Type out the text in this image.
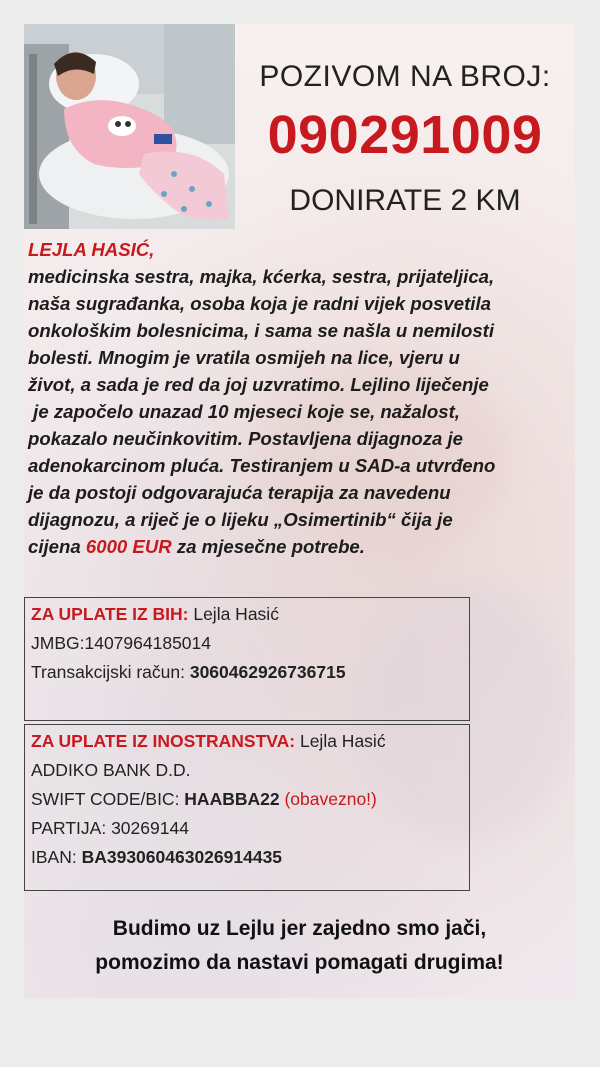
POZIVOM NA BROJ:
090291009
DONIRATE 2 KM
LEJLA HASIĆ,
medicinska sestra, majka, kćerka, sestra, prijateljica,
naša sugrađanka, osoba koja je radni vijek posvetila
onkološkim bolesnicima, i sama se našla u nemilosti
bolesti. Mnogim je vratila osmijeh na lice, vjeru u
život, a sada je red da joj uzvratimo. Lejlino liječenje
je započelo unazad 10 mjeseci koje se, nažalost,
pokazalo neučinkovitim. Postavljena dijagnoza je
adenokarcinom pluća. Testiranjem u SAD-a utvrđeno
je da postoji odgovarajuća terapija za navedenu
dijagnozu, a riječ je o lijeku „Osimertinib“ čija je
cijena 6000 EUR za mjesečne potrebe.
ZA UPLATE IZ BIH: Lejla Hasić
JMBG:1407964185014
Transakcijski račun: 3060462926736715
ZA UPLATE IZ INOSTRANSTVA: Lejla Hasić
ADDIKO BANK D.D.
SWIFT CODE/BIC: HAABBA22 (obavezno!)
PARTIJA: 30269144
IBAN: BA393060463026914435
Budimo uz Lejlu jer zajedno smo jači,
pomozimo da nastavi pomagati drugima!
